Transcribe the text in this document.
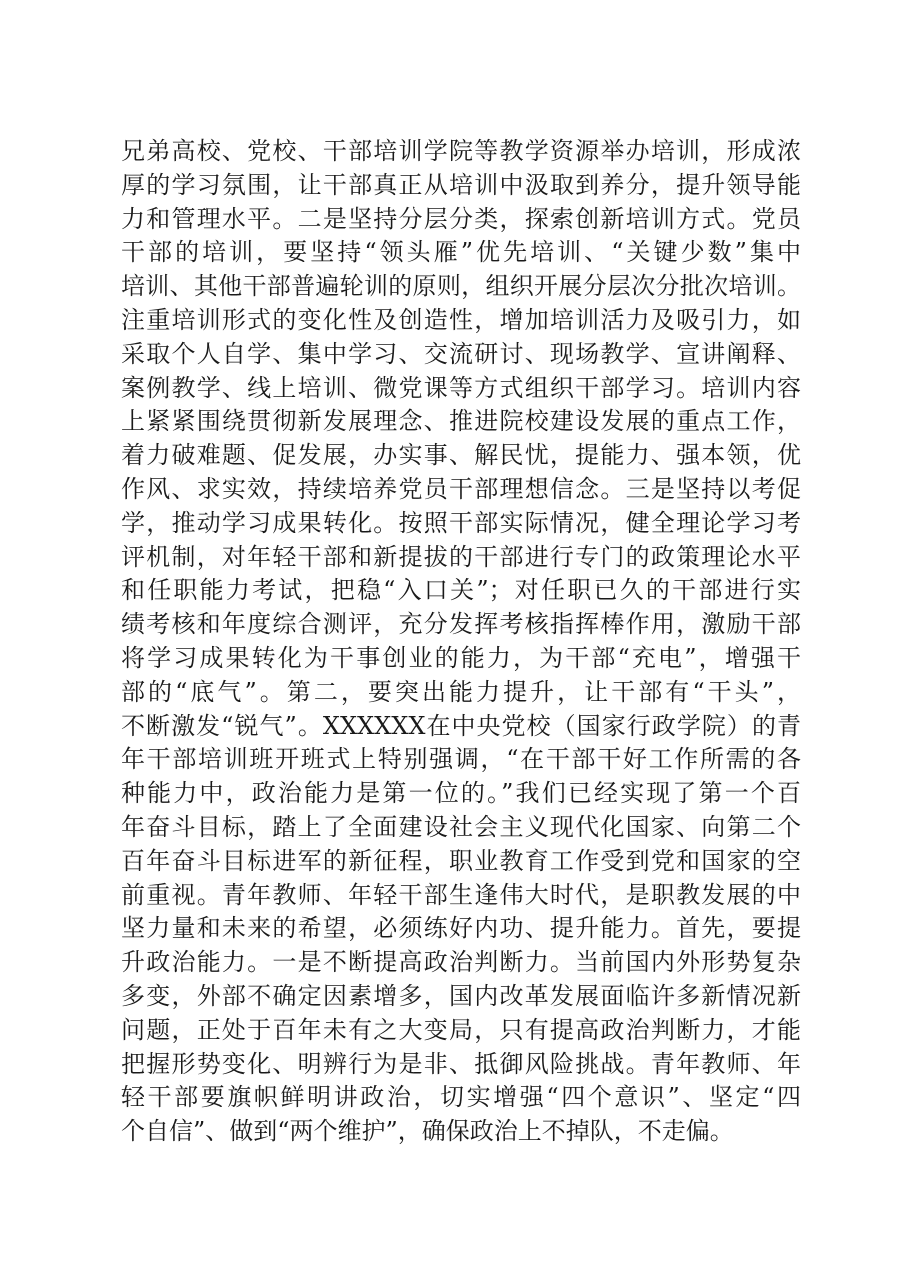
兄弟高校、党校、干部培训学院等教学资源举办培训，形成浓
厚的学习氛围，让干部真正从培训中汲取到养分，提升领导能
力和管理水平。二是坚持分层分类，探索创新培训方式。党员
干部的培训，要坚持“领头雁”优先培训、“关键少数”集中
培训、其他干部普遍轮训的原则，组织开展分层次分批次培训。
注重培训形式的变化性及创造性，增加培训活力及吸引力，如
采取个人自学、集中学习、交流研讨、现场教学、宣讲阐释、
案例教学、线上培训、微党课等方式组织干部学习。培训内容
上紧紧围绕贯彻新发展理念、推进院校建设发展的重点工作，
着力破难题、促发展，办实事、解民忧，提能力、强本领，优
作风、求实效，持续培养党员干部理想信念。三是坚持以考促
学，推动学习成果转化。按照干部实际情况，健全理论学习考
评机制，对年轻干部和新提拔的干部进行专门的政策理论水平
和任职能力考试，把稳“入口关”；对任职已久的干部进行实
绩考核和年度综合测评，充分发挥考核指挥棒作用，激励干部
将学习成果转化为干事创业的能力，为干部“充电”，增强干
部的“底气”。第二，要突出能力提升，让干部有“干头”，
不断激发“锐气”。XXXXXX在中央党校（国家行政学院）的青
年干部培训班开班式上特别强调，“在干部干好工作所需的各
种能力中，政治能力是第一位的。”我们已经实现了第一个百
年奋斗目标，踏上了全面建设社会主义现代化国家、向第二个
百年奋斗目标进军的新征程，职业教育工作受到党和国家的空
前重视。青年教师、年轻干部生逢伟大时代，是职教发展的中
坚力量和未来的希望，必须练好内功、提升能力。首先，要提
升政治能力。一是不断提高政治判断力。当前国内外形势复杂
多变，外部不确定因素增多，国内改革发展面临许多新情况新
问题，正处于百年未有之大变局，只有提高政治判断力，才能
把握形势变化、明辨行为是非、抵御风险挑战。青年教师、年
轻干部要旗帜鲜明讲政治，切实增强“四个意识”、坚定“四
个自信”、做到“两个维护”，确保政治上不掉队，不走偏。
